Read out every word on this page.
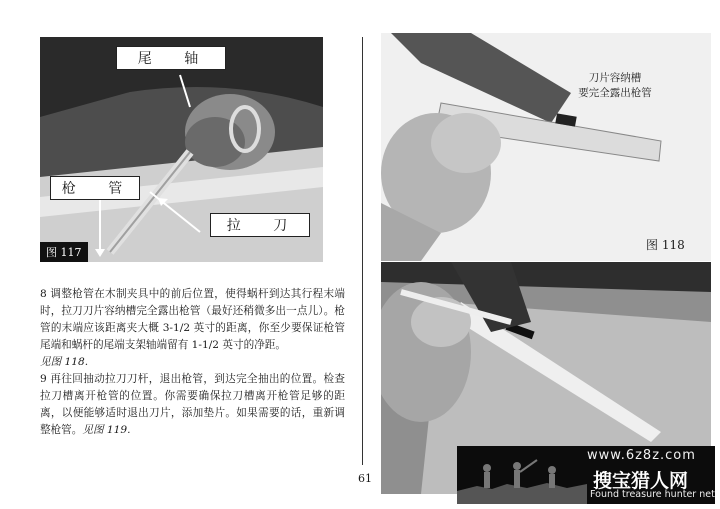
尾 轴
枪 管
拉 刀
图 117
刀片容纳槽
要完全露出枪管
图 118

8 调整枪管在木制夹具中的前后位置，使得蜗杆到达其行程末端时，拉刀刀片容纳槽完全露出枪管（最好还稍微多出一点儿）。枪管的末端应该距离夹大概 3-1/2 英寸的距离，你至少要保证枪管尾端和蜗杆的尾端支架轴端留有 1-1/2 英寸的净距。
见图 118.

9 再往回抽动拉刀刀杆，退出枪管，到达完全抽出的位置。检查拉刀槽离开枪管的位置。你需要确保拉刀槽离开枪管足够的距离，以便能够适时退出刀片，添加垫片。如果需要的话，重新调整枪管。见图 119.

61
www.6z8z.com
搜宝猎人网
Found treasure hunter net
